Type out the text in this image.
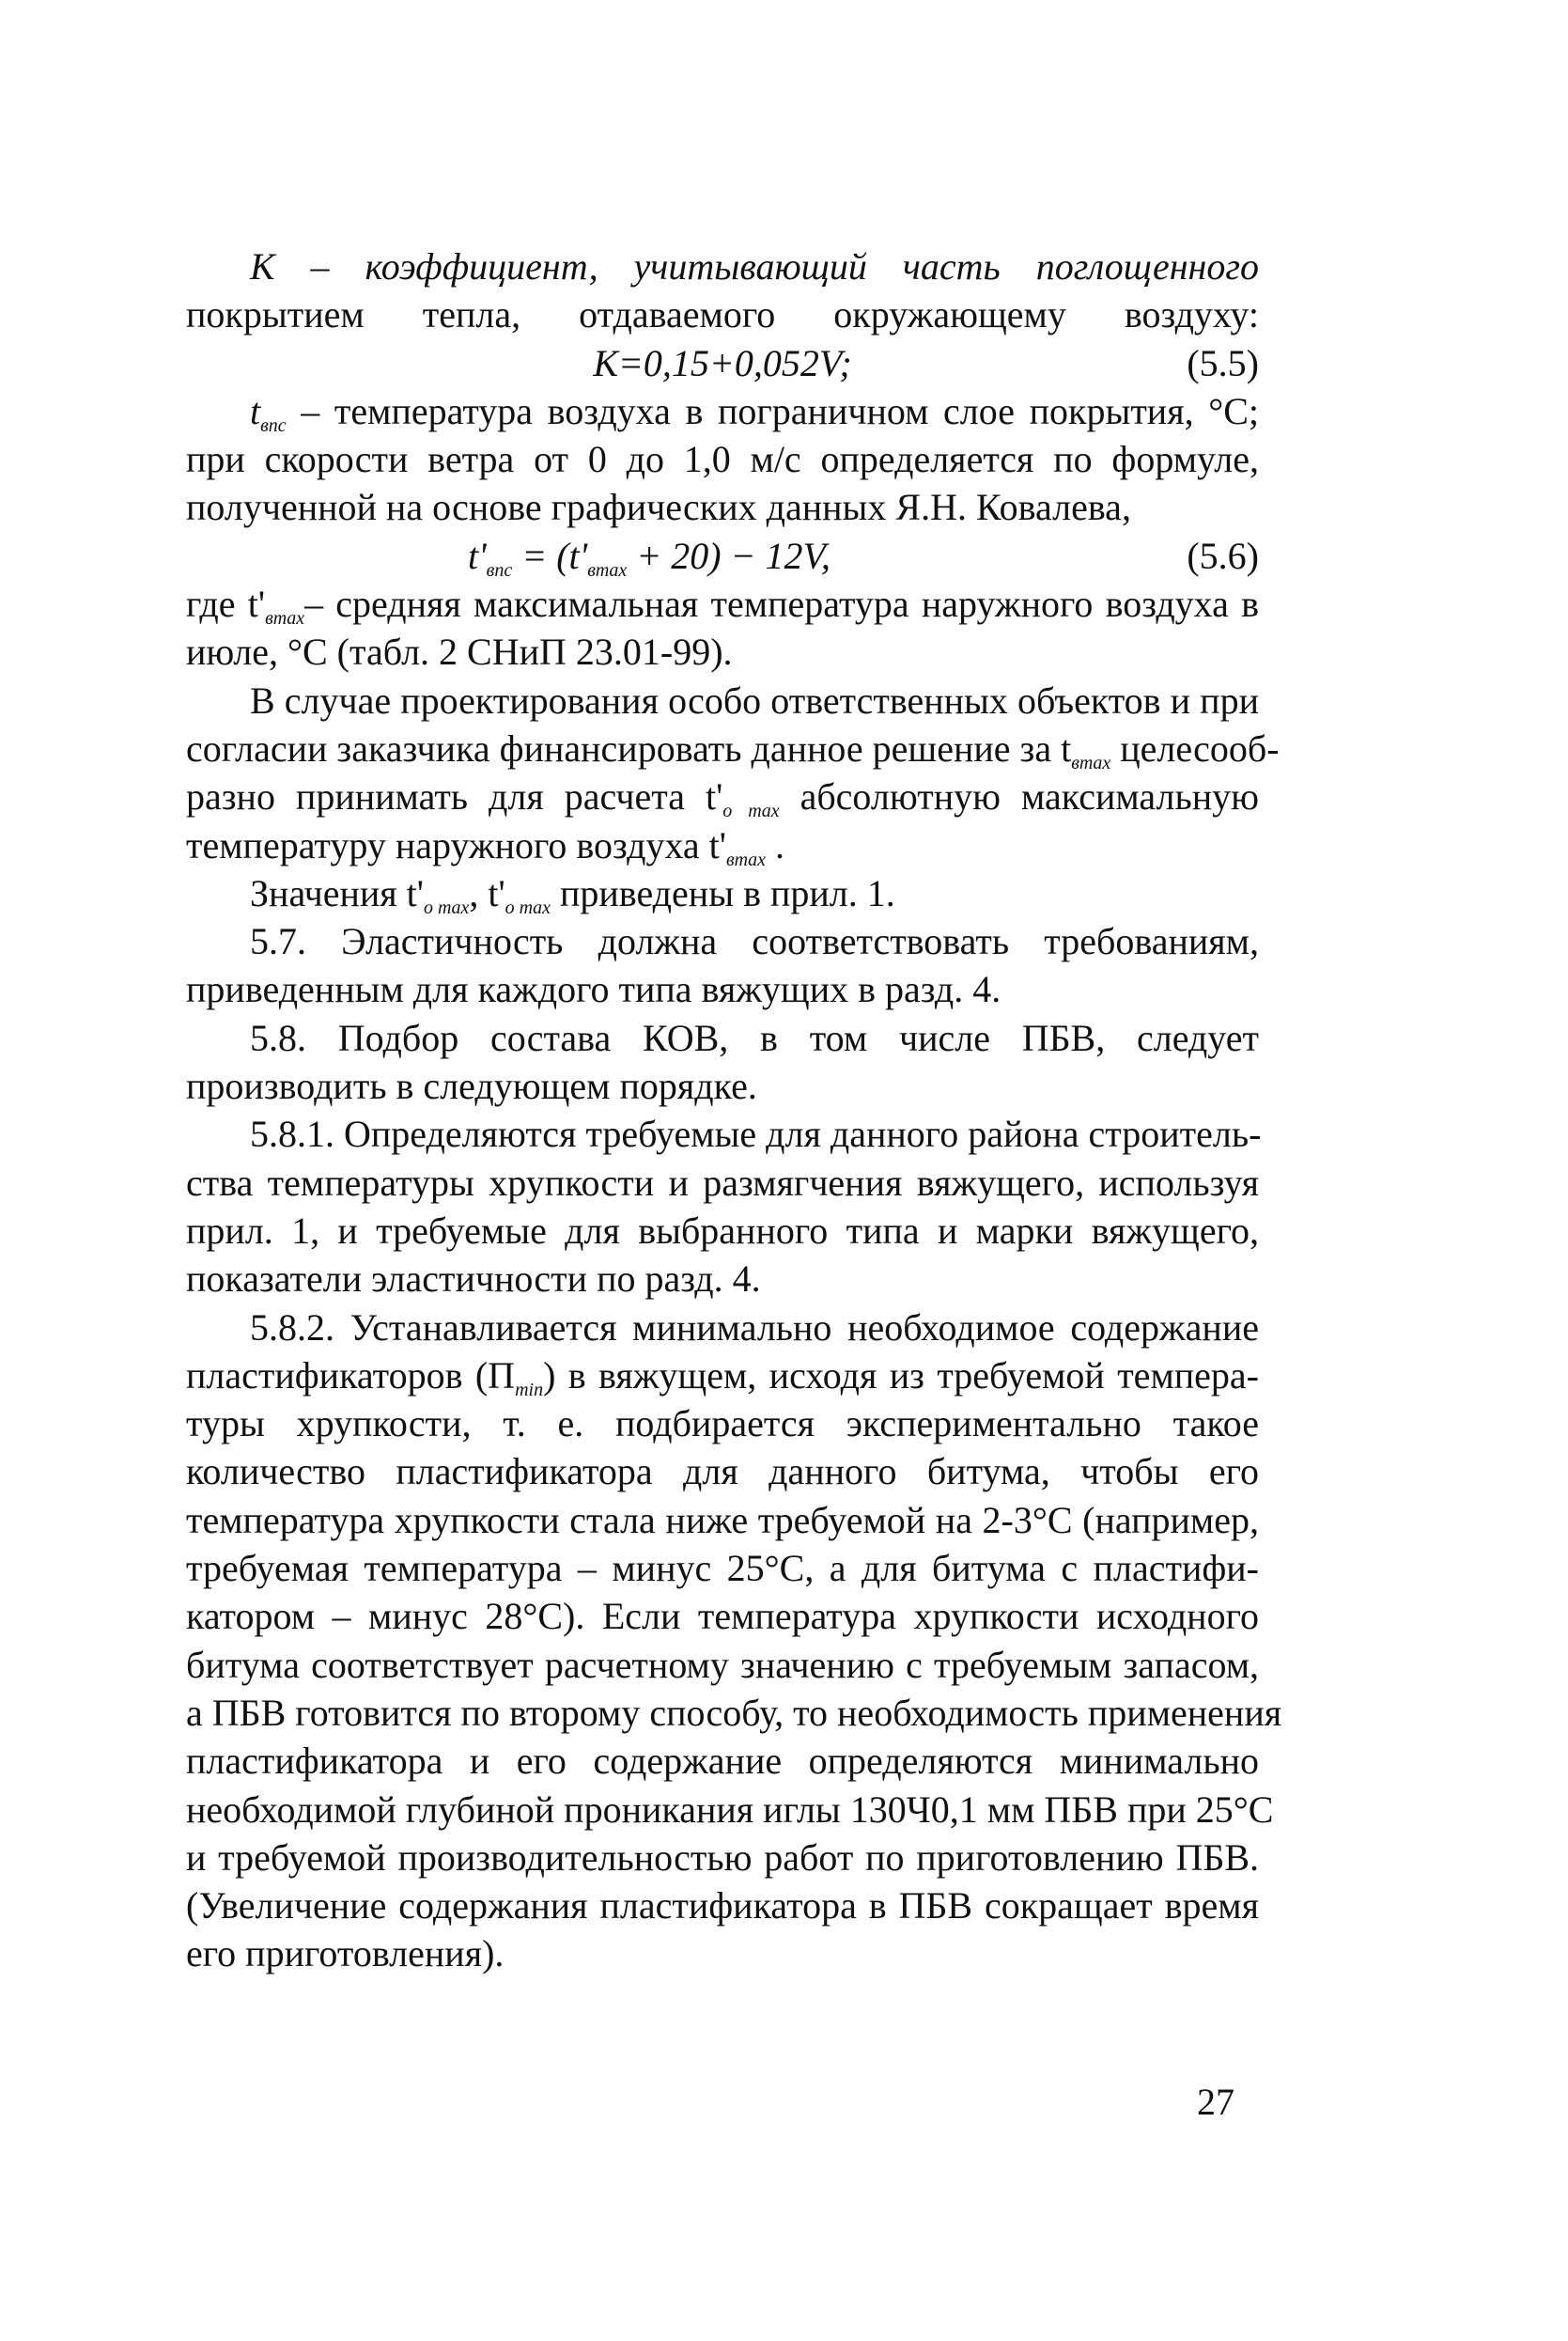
К – коэффициент, учитывающий часть поглощенного
покрытием тепла, отдаваемого окружающему воздуху:
К=0,15+0,052V;	(5.5)
$t_{впс}$ – температура воздуха в пограничном слое покрытия, °С;
при скорости ветра от 0 до 1,0 м/с определяется по формуле,
полученной на основе графических данных Я.Н. Ковалева,
$t'_{впс} = (t'_{вmax} + 20) - 12V$,	(5.6)
где $t'_{вmax}-$ средняя максимальная температура наружного воздуха в
июле, °С (табл. 2 СНиП 23.01-99).
В случае проектирования особо ответственных объектов и при
согласии заказчика финансировать данное решение за $t_{вmax}$ целесооб-
разно принимать для расчета $t'_{о max}$ абсолютную максимальную
температуру наружного воздуха $t'_{вmax}$ .
Значения $t'_{о max}$, $t'_{о max}$ приведены в прил. 1.
5.7. Эластичность должна соответствовать требованиям,
приведенным для каждого типа вяжущих в разд. 4.
5.8. Подбор состава КОВ, в том числе ПБВ, следует
производить в следующем порядке.
5.8.1. Определяются требуемые для данного района строитель-
ства температуры хрупкости и размягчения вяжущего, используя
прил. 1, и требуемые для выбранного типа и марки вяжущего,
показатели эластичности по разд. 4.
5.8.2. Устанавливается минимально необходимое содержание
пластификаторов $(П_{min})$ в вяжущем, исходя из требуемой темпера-
туры хрупкости, т. е. подбирается экспериментально такое
количество пластификатора для данного битума, чтобы его
температура хрупкости стала ниже требуемой на 2-3°С (например,
требуемая температура – минус 25°С, а для битума с пластифи-
катором – минус 28°С). Если температура хрупкости исходного
битума соответствует расчетному значению с требуемым запасом,
а ПБВ готовится по второму способу, то необходимость применения
пластификатора и его содержание определяются минимально
необходимой глубиной проникания иглы 130Ч0,1 мм ПБВ при 25°С
и требуемой производительностью работ по приготовлению ПБВ.
(Увеличение содержания пластификатора в ПБВ сокращает время
его приготовления).
27
